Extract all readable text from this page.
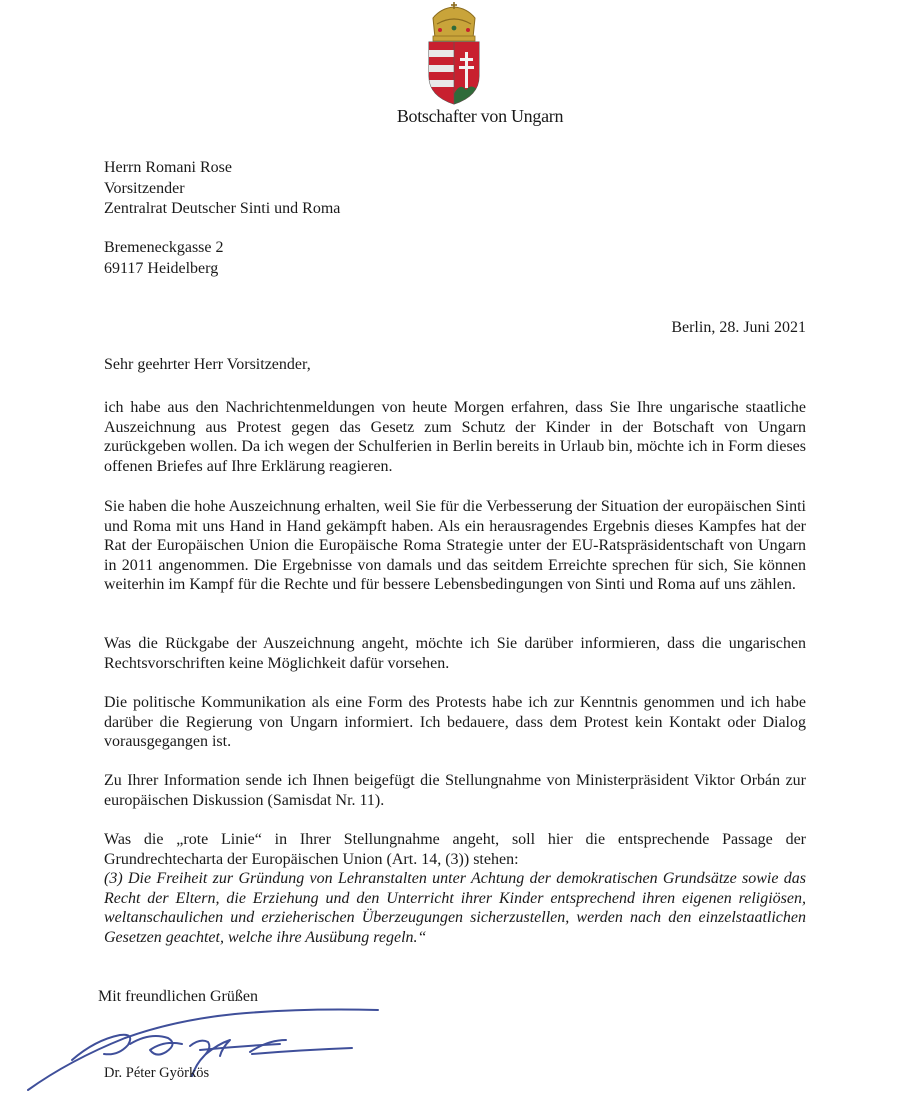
Botschafter von Ungarn
Herrn Romani Rose
Vorsitzender
Zentralrat Deutscher Sinti und Roma
Bremeneckgasse 2
69117 Heidelberg
Berlin, 28. Juni 2021
Sehr geehrter Herr Vorsitzender,
ich habe aus den Nachrichtenmeldungen von heute Morgen erfahren, dass Sie Ihre ungarische staatliche Auszeichnung aus Protest gegen das Gesetz zum Schutz der Kinder in der Botschaft von Ungarn zurückgeben wollen. Da ich wegen der Schulferien in Berlin bereits in Urlaub bin, möchte ich in Form dieses offenen Briefes auf Ihre Erklärung reagieren.
Sie haben die hohe Auszeichnung erhalten, weil Sie für die Verbesserung der Situation der europäischen Sinti und Roma mit uns Hand in Hand gekämpft haben. Als ein herausragendes Ergebnis dieses Kampfes hat der Rat der Europäischen Union die Europäische Roma Strategie unter der EU-Ratspräsidentschaft von Ungarn in 2011 angenommen. Die Ergebnisse von damals und das seitdem Erreichte sprechen für sich, Sie können weiterhin im Kampf für die Rechte und für bessere Lebensbedingungen von Sinti und Roma auf uns zählen.
Was die Rückgabe der Auszeichnung angeht, möchte ich Sie darüber informieren, dass die ungarischen Rechtsvorschriften keine Möglichkeit dafür vorsehen.
Die politische Kommunikation als eine Form des Protests habe ich zur Kenntnis genommen und ich habe darüber die Regierung von Ungarn informiert. Ich bedauere, dass dem Protest kein Kontakt oder Dialog vorausgegangen ist.
Zu Ihrer Information sende ich Ihnen beigefügt die Stellungnahme von Ministerpräsident Viktor Orbán zur europäischen Diskussion (Samisdat Nr. 11).
Was die „rote Linie“ in Ihrer Stellungnahme angeht, soll hier die entsprechende Passage der Grundrechtecharta der Europäischen Union (Art. 14, (3)) stehen:
(3) Die Freiheit zur Gründung von Lehranstalten unter Achtung der demokratischen Grundsätze sowie das Recht der Eltern, die Erziehung und den Unterricht ihrer Kinder entsprechend ihren eigenen religiösen, weltanschaulichen und erzieherischen Überzeugungen sicherzustellen, werden nach den einzelstaatlichen Gesetzen geachtet, welche ihre Ausübung regeln.“
Mit freundlichen Grüßen
Dr. Péter Györkös
